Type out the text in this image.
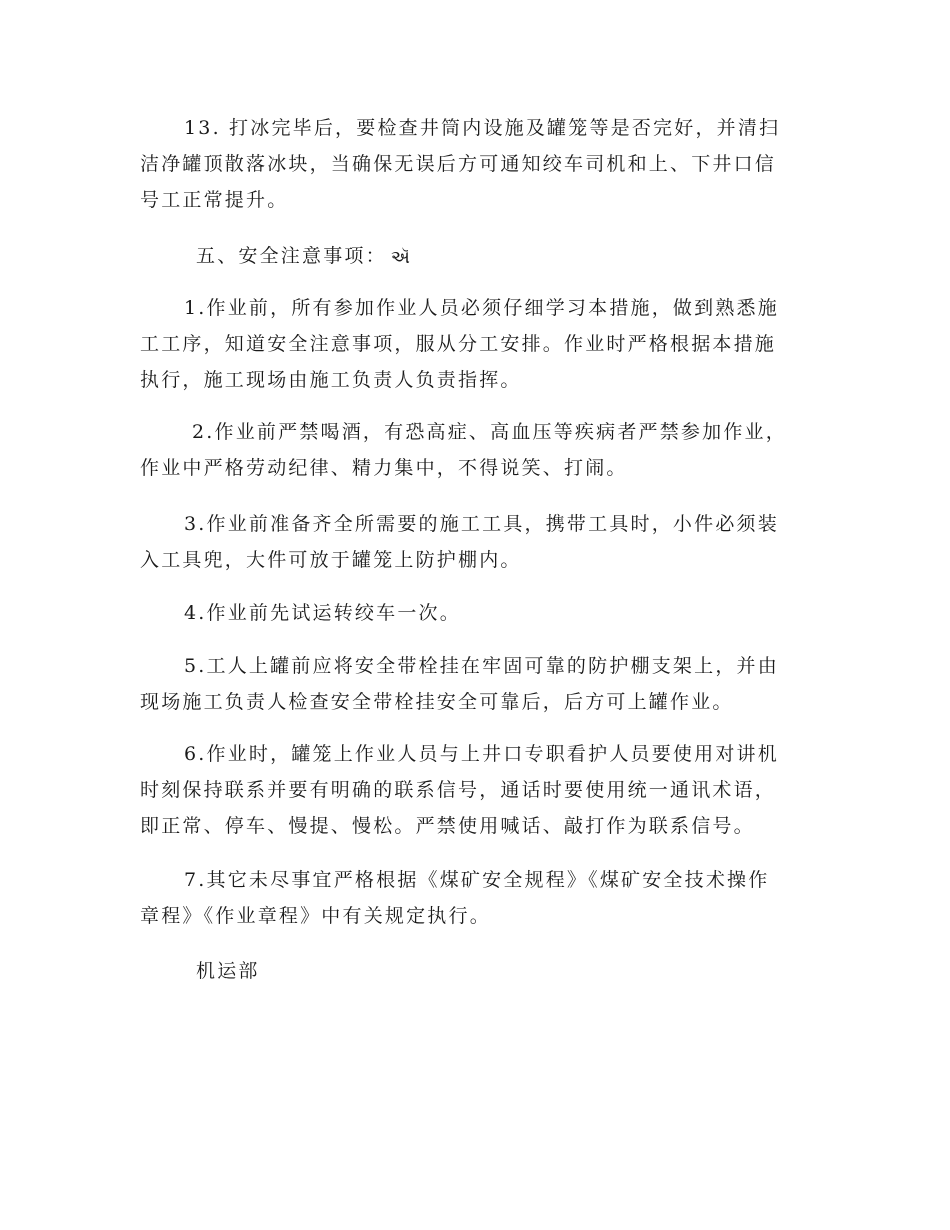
13. 打冰完毕后，要检查井筒内设施及罐笼等是否完好，并清扫
洁净罐顶散落冰块，当确保无误后方可通知绞车司机和上、下井口信
号工正常提升。

五、安全注意事项： ઍ

1.作业前，所有参加作业人员必须仔细学习本措施，做到熟悉施
工工序，知道安全注意事项，服从分工安排。作业时严格根据本措施
执行，施工现场由施工负责人负责指挥。

2.作业前严禁喝酒，有恐高症、高血压等疾病者严禁参加作业，
作业中严格劳动纪律、精力集中，不得说笑、打闹。

3.作业前准备齐全所需要的施工工具，携带工具时，小件必须装
入工具兜，大件可放于罐笼上防护棚内。

4.作业前先试运转绞车一次。

5.工人上罐前应将安全带栓挂在牢固可靠的防护棚支架上，并由
现场施工负责人检查安全带栓挂安全可靠后，后方可上罐作业。

6.作业时，罐笼上作业人员与上井口专职看护人员要使用对讲机
时刻保持联系并要有明确的联系信号，通话时要使用统一通讯术语，
即正常、停车、慢提、慢松。严禁使用喊话、敲打作为联系信号。

7.其它未尽事宜严格根据《煤矿安全规程》《煤矿安全技术操作
章程》《作业章程》中有关规定执行。

机运部
